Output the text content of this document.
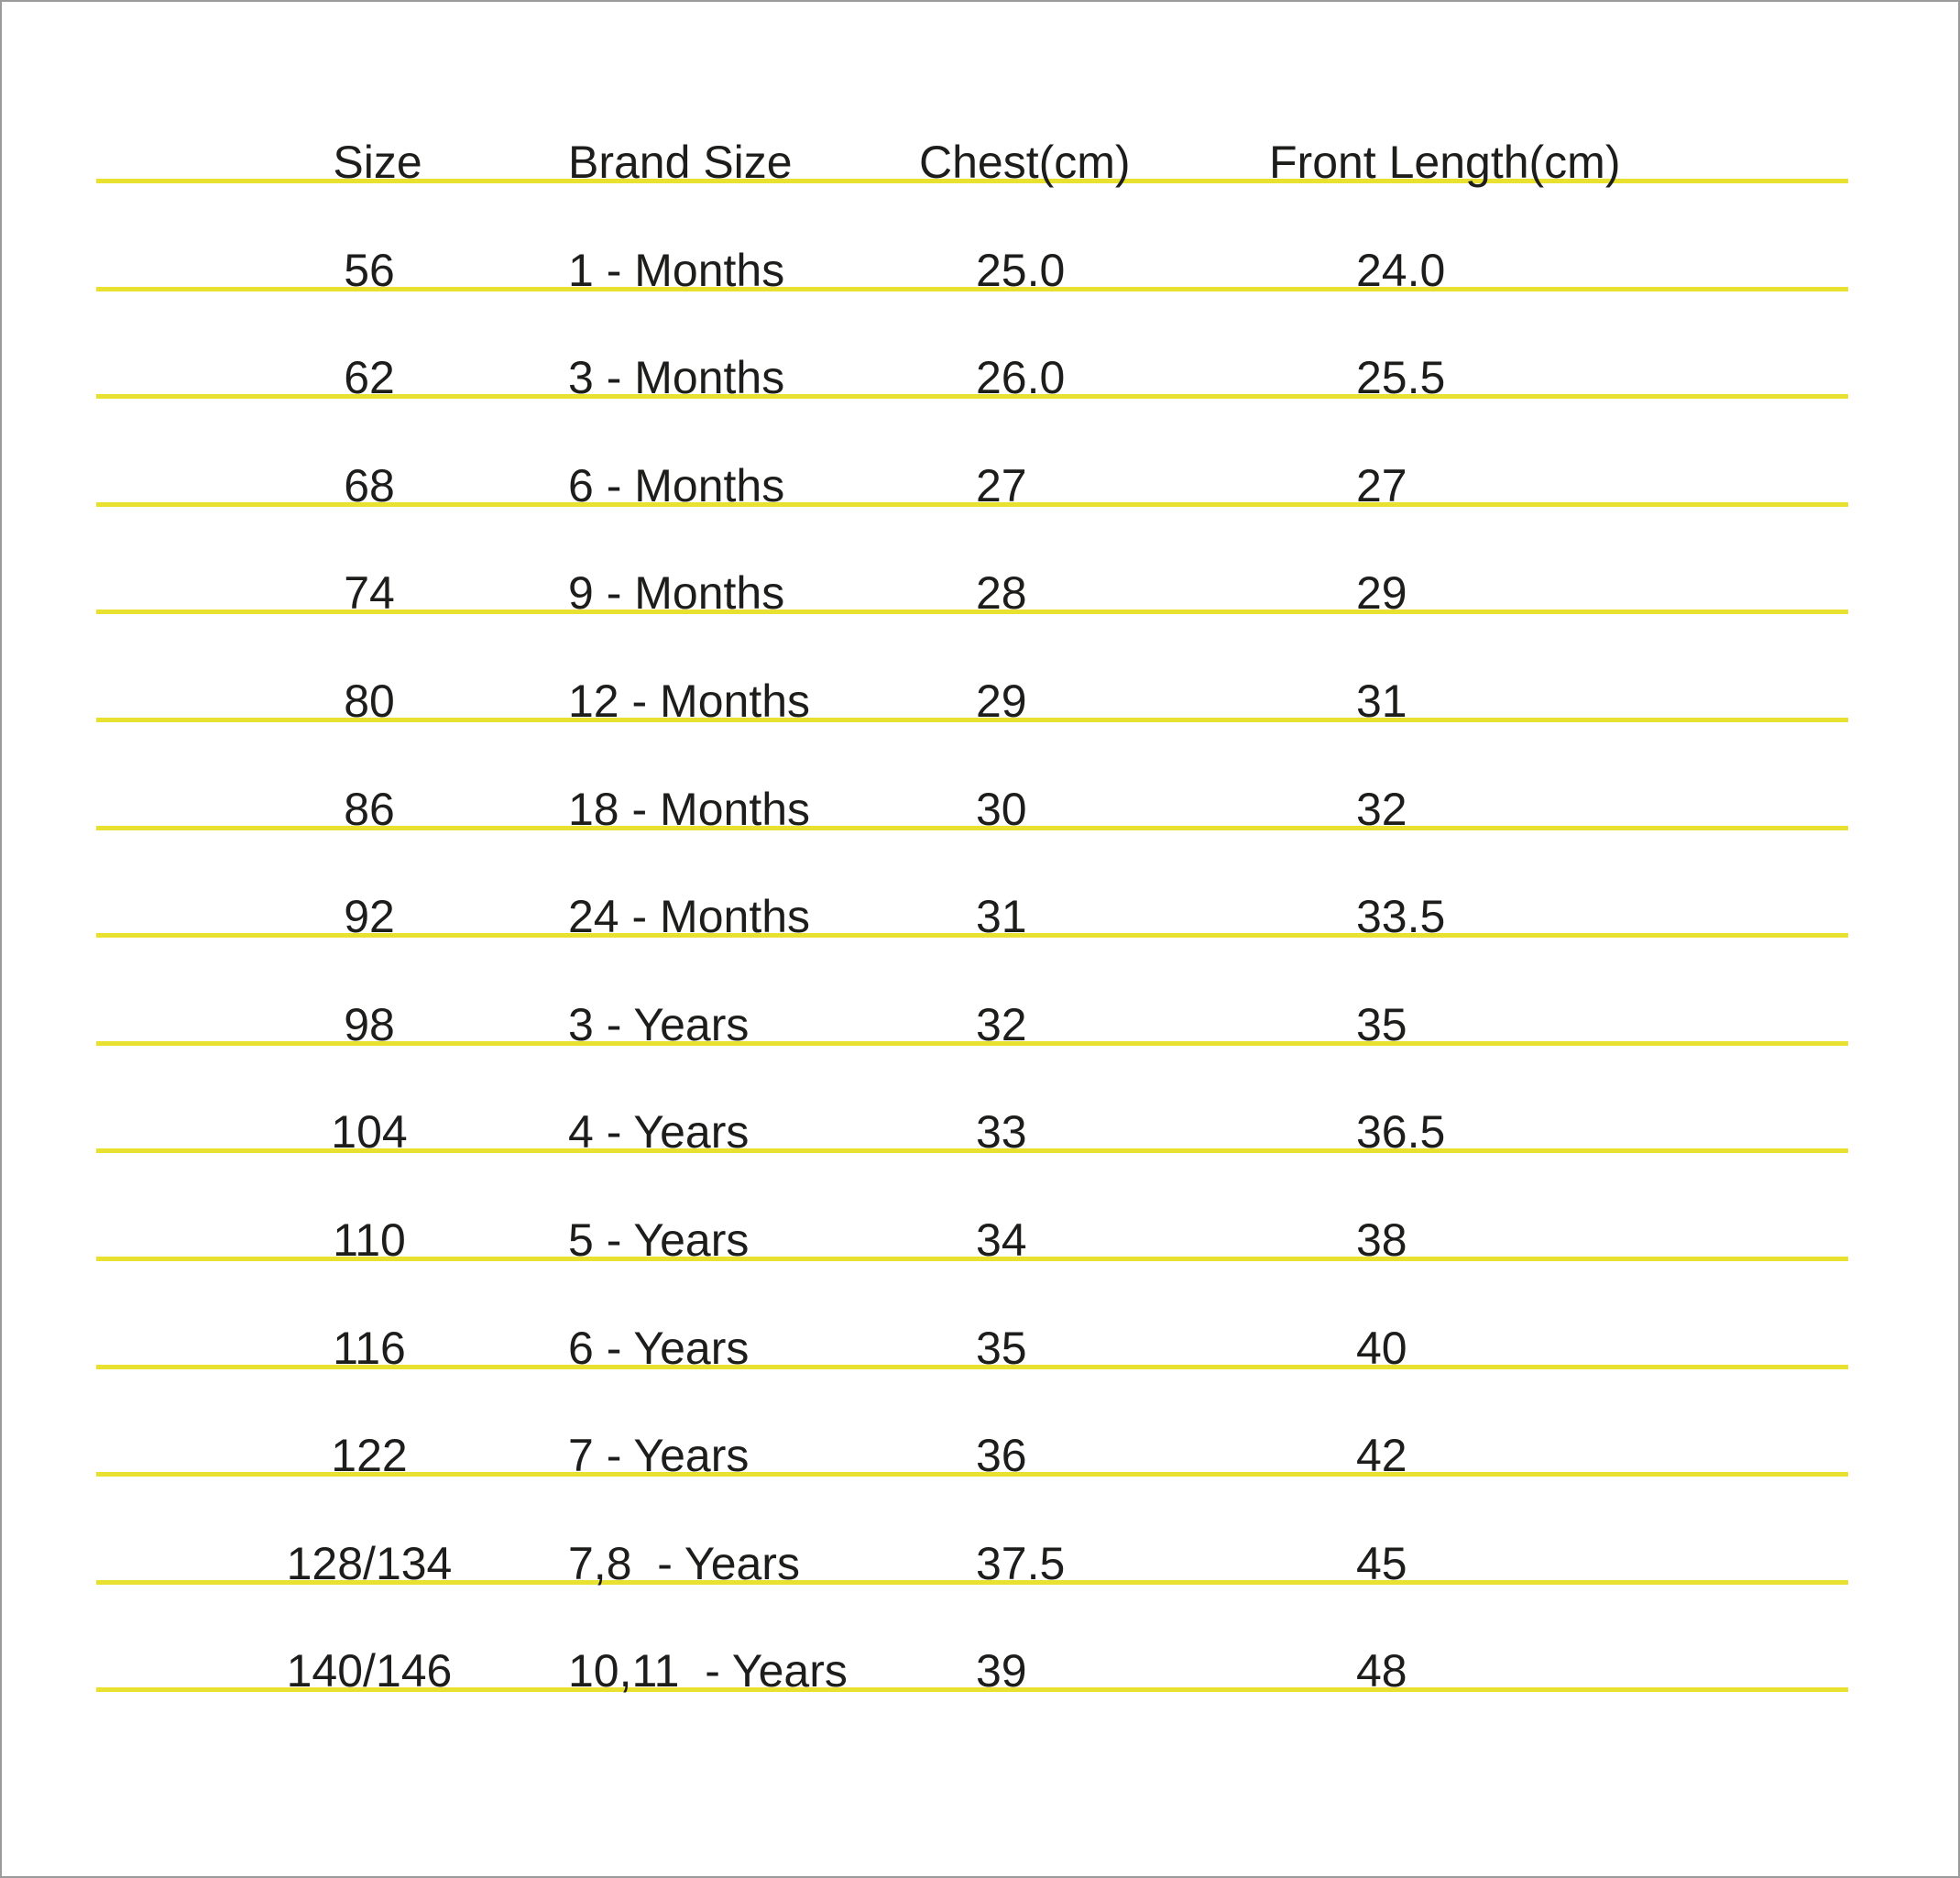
Size	Brand Size	Chest(cm)	Front Length(cm)
56	1 - Months	25.0	24.0
62	3 - Months	26.0	25.5
68	6 - Months	27	27
74	9 - Months	28	29
80	12 - Months	29	31
86	18 - Months	30	32
92	24 - Months	31	33.5
98	3 - Years	32	35
104	4 - Years	33	36.5
110	5 - Years	34	38
116	6 - Years	35	40
122	7 - Years	36	42
128/134	7,8  - Years	37.5	45
140/146	10,11  - Years	39	48
